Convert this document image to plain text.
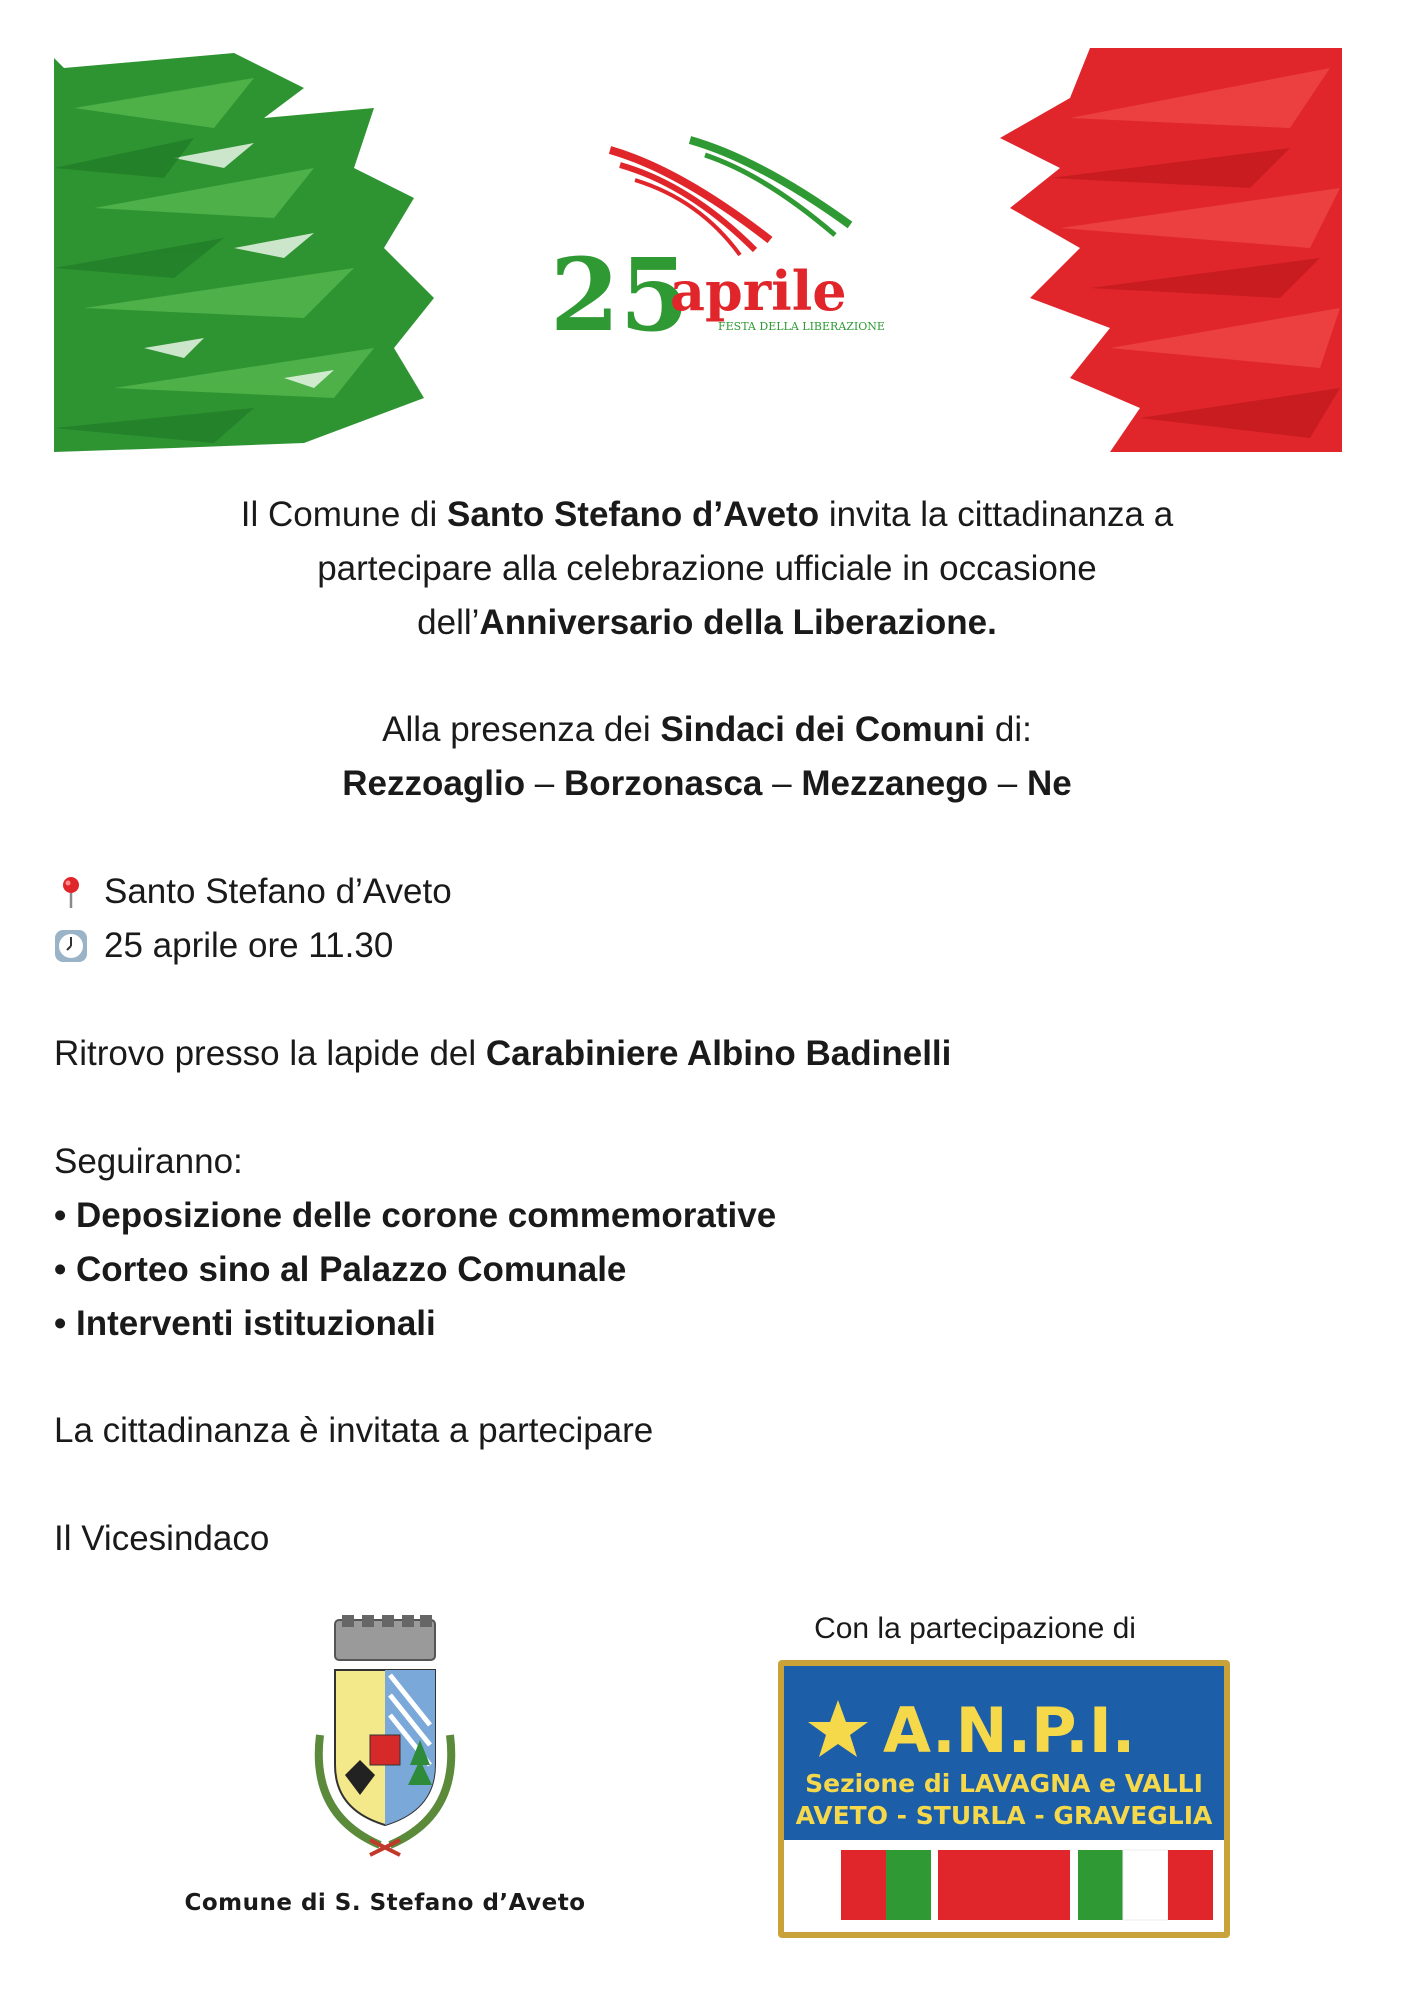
25
aprile
FESTA DELLA LIBERAZIONE
Il Comune di Santo Stefano d’Aveto invita la cittadinanza a
partecipare alla celebrazione ufficiale in occasione
dell’Anniversario della Liberazione.
Alla presenza dei Sindaci dei Comuni di:
Rezzoaglio – Borzonasca – Mezzanego – Ne
Santo Stefano d’Aveto
25 aprile ore 11.30
Ritrovo presso la lapide del Carabiniere Albino Badinelli
Seguiranno:
• Deposizione delle corone commemorative
• Corteo sino al Palazzo Comunale
• Interventi istituzionali
La cittadinanza è invitata a partecipare
Il Vicesindaco
Comune di S. Stefano d’Aveto
Con la partecipazione di
A.N.P.I.
Sezione di LAVAGNA e VALLI
AVETO - STURLA - GRAVEGLIA
